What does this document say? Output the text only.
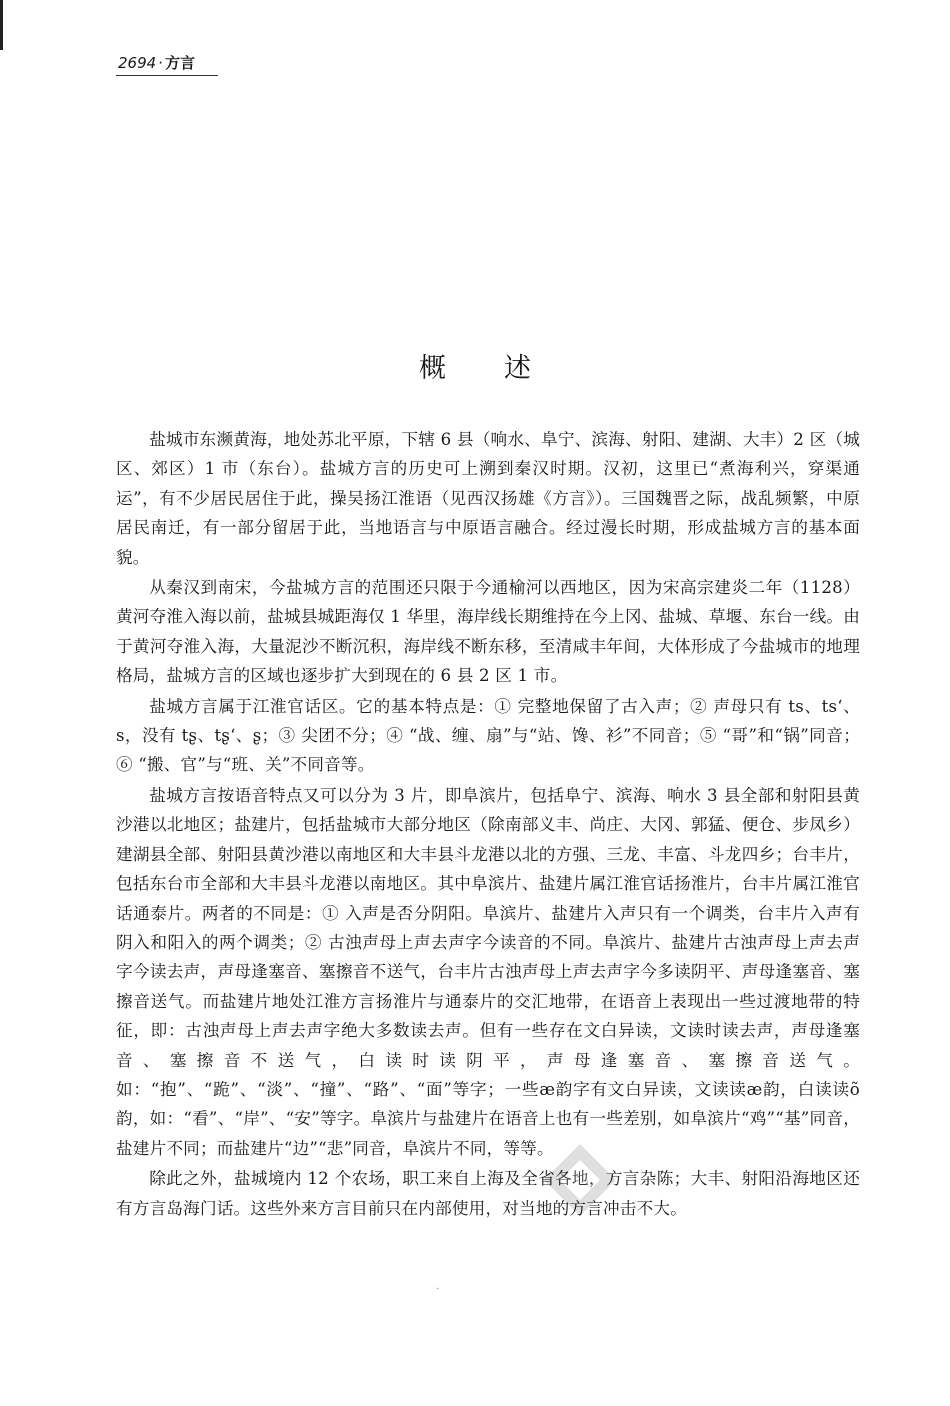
2694 · 方言
概述

盐城市东濒黄海，地处苏北平原，下辖 6 县（响水、阜宁、滨海、射阳、建湖、大丰）2 区（城区、郊区）1 市（东台）。盐城方言的历史可上溯到秦汉时期。汉初，这里已“煮海利兴，穿渠通运”，有不少居民居住于此，操吴扬江淮语（见西汉扬雄《方言》）。三国魏晋之际，战乱频繁，中原居民南迁，有一部分留居于此，当地语言与中原语言融合。经过漫长时期，形成盐城方言的基本面貌。

从秦汉到南宋，今盐城方言的范围还只限于今通榆河以西地区，因为宋高宗建炎二年（1128）黄河夺淮入海以前，盐城县城距海仅 1 华里，海岸线长期维持在今上冈、盐城、草堰、东台一线。由于黄河夺淮入海，大量泥沙不断沉积，海岸线不断东移，至清咸丰年间，大体形成了今盐城市的地理格局，盐城方言的区域也逐步扩大到现在的 6 县 2 区 1 市。

盐城方言属于江淮官话区。它的基本特点是：① 完整地保留了古入声；② 声母只有 ts、ts‘、s，没有 tʂ、tʂ‘、ʂ；③ 尖团不分；④ “战、缠、扇”与“站、馋、衫”不同音；⑤ “哥”和“锅”同音；⑥ “搬、官”与“班、关”不同音等。

盐城方言按语音特点又可以分为 3 片，即阜滨片，包括阜宁、滨海、响水 3 县全部和射阳县黄沙港以北地区；盐建片，包括盐城市大部分地区（除南部义丰、尚庄、大冈、郭猛、便仓、步凤乡）建湖县全部、射阳县黄沙港以南地区和大丰县斗龙港以北的方强、三龙、丰富、斗龙四乡；台丰片，包括东台市全部和大丰县斗龙港以南地区。其中阜滨片、盐建片属江淮官话扬淮片，台丰片属江淮官话通泰片。两者的不同是：① 入声是否分阴阳。阜滨片、盐建片入声只有一个调类，台丰片入声有阴入和阳入的两个调类；② 古浊声母上声去声字今读音的不同。阜滨片、盐建片古浊声母上声去声字今读去声，声母逢塞音、塞擦音不送气，台丰片古浊声母上声去声字今多读阴平、声母逢塞音、塞擦音送气。而盐建片地处江淮方言扬淮片与通泰片的交汇地带，在语音上表现出一些过渡地带的特征，即：古浊声母上声去声字绝大多数读去声。但有一些存在文白异读，文读时读去声，声母逢塞音、塞擦音不送气，白读时读阴平，声母逢塞音、塞擦音送气。如：“抱”、“跪”、“淡”、“撞”、“路”、“面”等字；一些æ韵字有文白异读，文读读æ韵，白读读õ韵，如：“看”、“岸”、“安”等字。阜滨片与盐建片在语音上也有一些差别，如阜滨片“鸡”“基”同音，盐建片不同；而盐建片“边”“悲”同音，阜滨片不同，等等。

除此之外，盐城境内 12 个农场，职工来自上海及全省各地，方言杂陈；大丰、射阳沿海地区还有方言岛海门话。这些外来方言目前只在内部使用，对当地的方言冲击不大。

·
